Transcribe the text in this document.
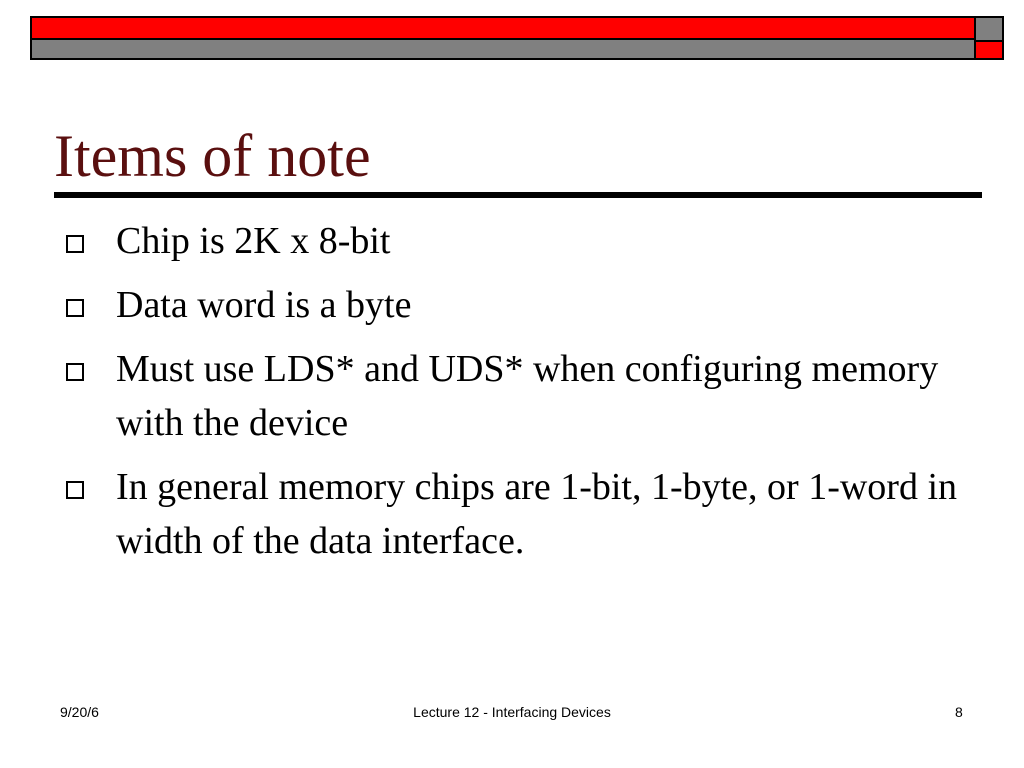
Items of note
Chip is 2K x 8-bit
Data word is a byte
Must use LDS* and UDS* when configuring memory with the device
In general memory chips are 1-bit, 1-byte, or 1-word in width of the data interface.
9/20/6	Lecture 12 - Interfacing Devices	8
